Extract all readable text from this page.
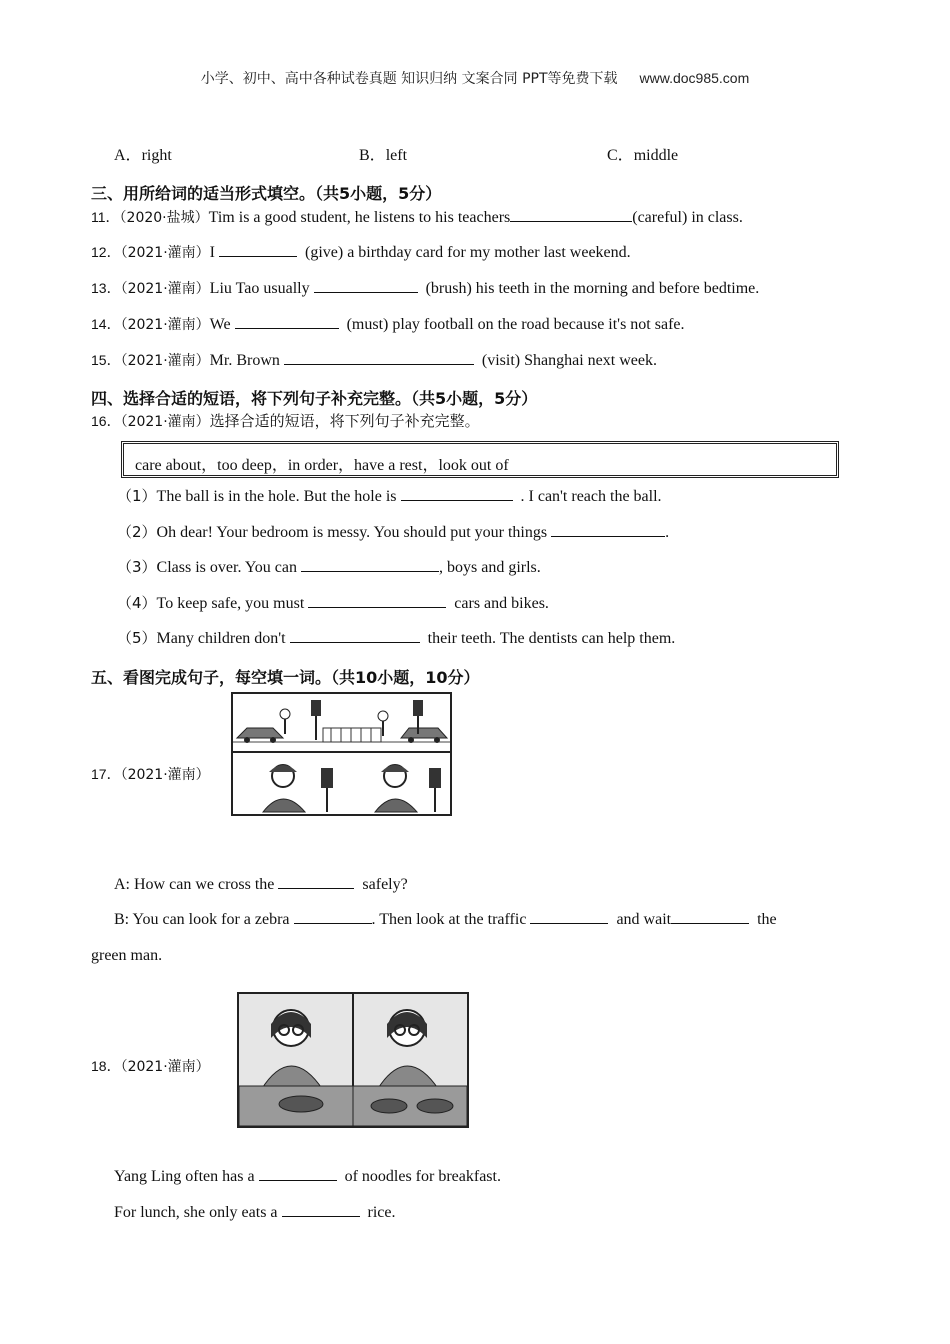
小学、初中、高中各种试卷真题 知识归纳 文案合同 PPT等免费下载 www.doc985.com
A．right	B．left	C．middle
三、用所给词的适当形式填空。（共5小题，5分）
11．（2020·盐城）Tim is a good student, he listens to his teachers	(careful) in class.
12．（2021·灌南）I	(give) a birthday card for my mother last weekend.
13．（2021·灌南）Liu Tao usually	(brush) his teeth in the morning and before bedtime.
14．（2021·灌南）We	(must) play football on the road because it's not safe.
15．（2021·灌南）Mr. Brown	(visit) Shanghai next week.
四、选择合适的短语，将下列句子补充完整。（共5小题，5分）
16．（2021·灌南）选择合适的短语，将下列句子补充完整。
care about，too deep，in order，have a rest，look out of
（1）The ball is in the hole. But the hole is	. I can't reach the ball.
（2）Oh dear! Your bedroom is messy. You should put your things	.
（3）Class is over. You can	, boys and girls.
（4）To keep safe, you must	cars and bikes.
（5）Many children don't	their teeth. The dentists can help them.
五、看图完成句子，每空填一词。（共10小题，10分）
17．（2021·灌南）
A: How can we cross the	safely?
B: You can look for a zebra	. Then look at the traffic	and wait	the
green man.
18．（2021·灌南）
Yang Ling often has a	of noodles for breakfast.
For lunch, she only eats a	rice.
